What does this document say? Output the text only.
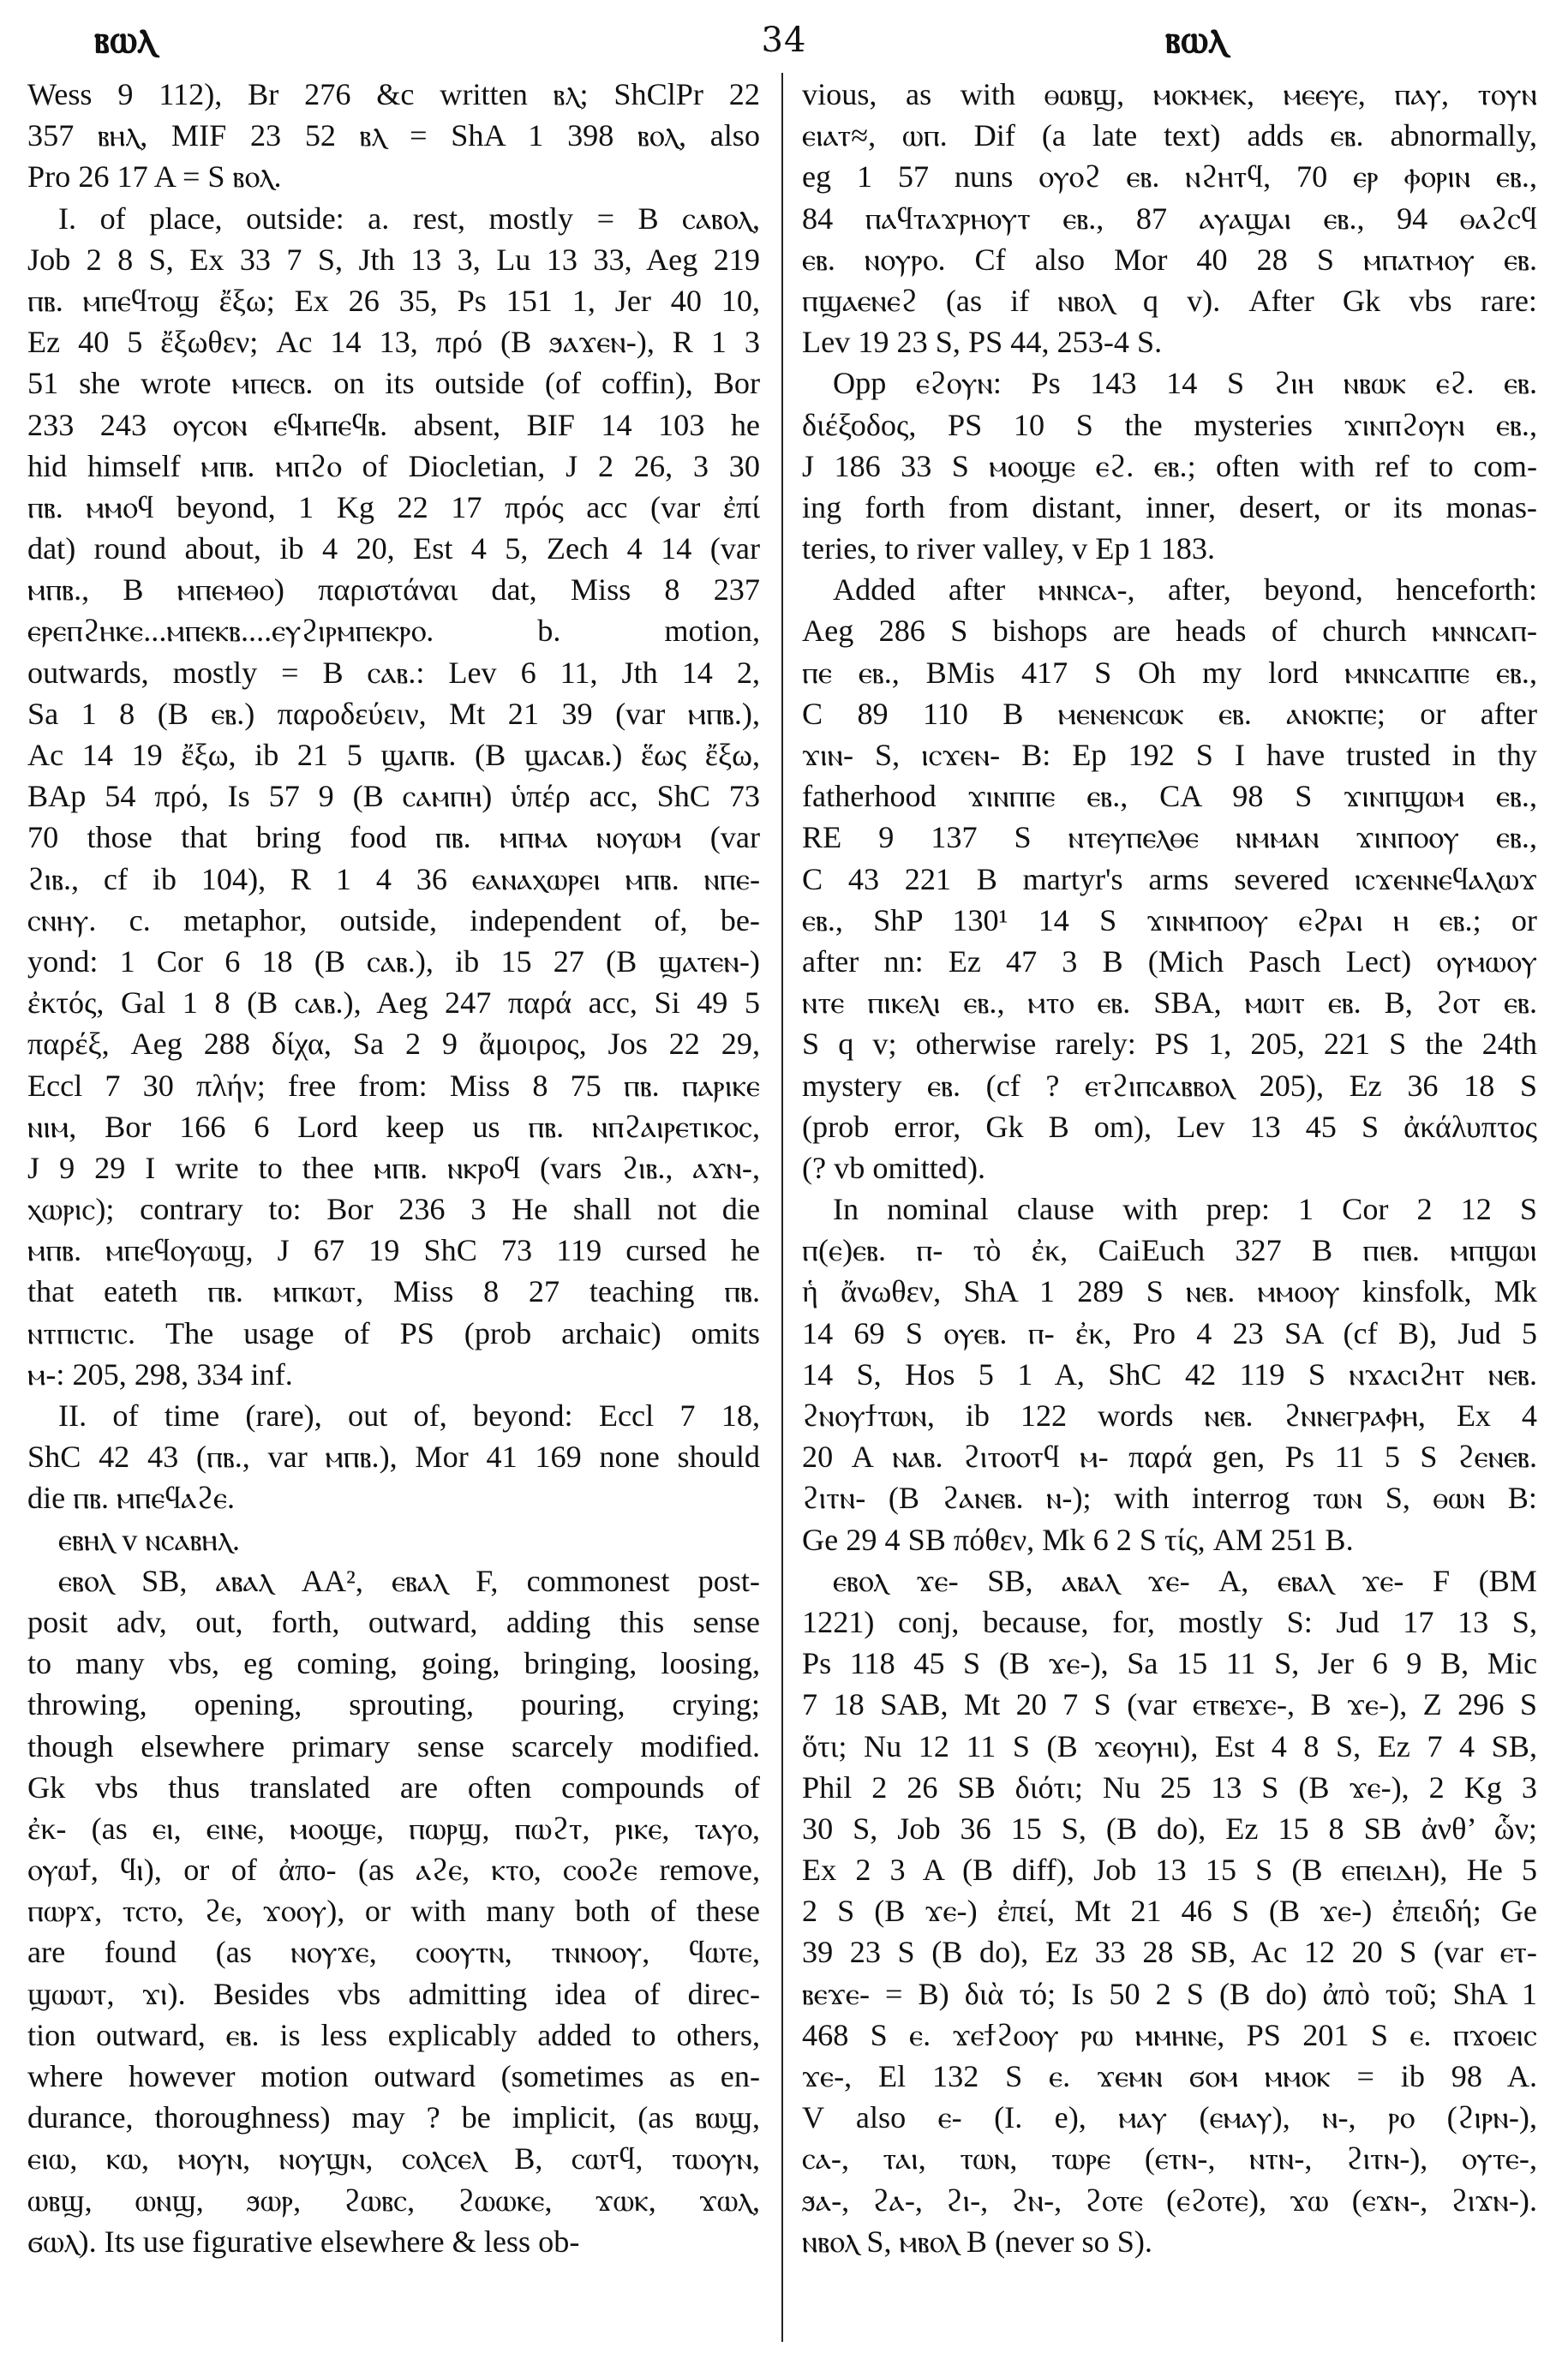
ⲃⲱⲗ	34	ⲃⲱⲗ
Wess 9 112), Br 276 &c written ⲃⲗ; ShClPr 22
357 ⲃⲏⲗ, MIF 23 52 ⲃⲗ = ShA 1 398 ⲃⲟⲗ, also
Pro 26 17 A = S ⲃⲟⲗ.
I. of place, outside: a. rest, mostly = B ⲥⲁⲃⲟⲗ,
Job 2 8 S, Ex 33 7 S, Jth 13 3, Lu 13 33, Aeg 219
ⲡⲃ. ⲙⲡⲉϥⲧⲟϣ ἔξω; Ex 26 35, Ps 151 1, Jer 40 10,
Ez 40 5 ἔξωθεν; Ac 14 13, πρό (B ϧⲁϫⲉⲛ-), R 1 3
51 she wrote ⲙⲡⲉⲥⲃ. on its outside (of coffin), Bor
233 243 ⲟⲩⲥⲟⲛ ⲉϥⲙⲡⲉϥⲃ. absent, BIF 14 103 he
hid himself ⲙⲡⲃ. ⲙⲡϩⲟ of Diocletian, J 2 26, 3 30
ⲡⲃ. ⲙⲙⲟϥ beyond, 1 Kg 22 17 πρός acc (var ἐπί
dat) round about, ib 4 20, Est 4 5, Zech 4 14 (var
ⲙⲡⲃ., B ⲙⲡⲉⲙⲑⲟ) παριστάναι dat, Miss 8 237
ⲉⲣⲉⲡϩⲏⲕⲉ...ⲙⲡⲉⲕⲃ....ⲉⲩϩⲓⲣⲙⲡⲉⲕⲣⲟ. b. motion,
outwards, mostly = B ⲥⲁⲃ.: Lev 6 11, Jth 14 2,
Sa 1 8 (B ⲉⲃ.) παροδεύειν, Mt 21 39 (var ⲙⲡⲃ.),
Ac 14 19 ἔξω, ib 21 5 ϣⲁⲡⲃ. (B ϣⲁⲥⲁⲃ.) ἕως ἔξω,
BAp 54 πρό, Is 57 9 (B ⲥⲁⲙⲡⲏ) ὑπέρ acc, ShC 73
70 those that bring food ⲡⲃ. ⲙⲡⲙⲁ ⲛⲟⲩⲱⲙ (var
ϩⲓⲃ., cf ib 104), R 1 4 36 ⲉⲁⲛⲁⲭⲱⲣⲉⲓ ⲙⲡⲃ. ⲛⲡⲉ-
ⲥⲛⲏⲩ. c. metaphor, outside, independent of, be-
yond: 1 Cor 6 18 (B ⲥⲁⲃ.), ib 15 27 (B ϣⲁⲧⲉⲛ-)
ἐκτός, Gal 1 8 (B ⲥⲁⲃ.), Aeg 247 παρά acc, Si 49 5
παρέξ, Aeg 288 δίχα, Sa 2 9 ἄμοιρος, Jos 22 29,
Eccl 7 30 πλήν; free from: Miss 8 75 ⲡⲃ. ⲡⲁⲣⲓⲕⲉ
ⲛⲓⲙ, Bor 166 6 Lord keep us ⲡⲃ. ⲛⲡϩⲁⲓⲣⲉⲧⲓⲕⲟⲥ,
J 9 29 I write to thee ⲙⲡⲃ. ⲛⲕⲣⲟϥ (vars ϩⲓⲃ., ⲁϫⲛ-,
ⲭⲱⲣⲓⲥ); contrary to: Bor 236 3 He shall not die
ⲙⲡⲃ. ⲙⲡⲉϥⲟⲩⲱϣ, J 67 19 ShC 73 119 cursed he
that eateth ⲡⲃ. ⲙⲡⲕⲱⲧ, Miss 8 27 teaching ⲡⲃ.
ⲛⲧⲡⲓⲥⲧⲓⲥ. The usage of PS (prob archaic) omits
ⲙ-: 205, 298, 334 inf.
II. of time (rare), out of, beyond: Eccl 7 18,
ShC 42 43 (ⲡⲃ., var ⲙⲡⲃ.), Mor 41 169 none should
die ⲡⲃ. ⲙⲡⲉϥⲁϩⲉ.
ⲉⲃⲏⲗ v ⲛⲥⲁⲃⲏⲗ.
ⲉⲃⲟⲗ SB, ⲁⲃⲁⲗ AA², ⲉⲃⲁⲗ F, commonest post-
posit adv, out, forth, outward, adding this sense
to many vbs, eg coming, going, bringing, loosing,
throwing, opening, sprouting, pouring, crying;
though elsewhere primary sense scarcely modified.
Gk vbs thus translated are often compounds of
ἐκ- (as ⲉⲓ, ⲉⲓⲛⲉ, ⲙⲟⲟϣⲉ, ⲡⲱⲣϣ, ⲡⲱϩⲧ, ⲣⲓⲕⲉ, ⲧⲁⲩⲟ,
ⲟⲩⲱϯ, ϥⲓ), or of ἀπο- (as ⲁϩⲉ, ⲕⲧⲟ, ⲥⲟⲟϩⲉ remove,
ⲡⲱⲣϫ, ⲧⲥⲧⲟ, ϩⲉ, ϫⲟⲟⲩ), or with many both of these
are found (as ⲛⲟⲩϫⲉ, ⲥⲟⲟⲩⲧⲛ, ⲧⲛⲛⲟⲟⲩ, ϥⲱⲧⲉ,
ϣⲱⲱⲧ, ϫⲓ). Besides vbs admitting idea of direc-
tion outward, ⲉⲃ. is less explicably added to others,
where however motion outward (sometimes as en-
durance, thoroughness) may ? be implicit, (as ⲃⲱϣ,
ⲉⲓⲱ, ⲕⲱ, ⲙⲟⲩⲛ, ⲛⲟⲩϣⲛ, ⲥⲟⲗⲥⲉⲗ B, ⲥⲱⲧϥ, ⲧⲱⲟⲩⲛ,
ⲱⲃϣ, ⲱⲛϣ, ϧⲱⲣ, ϩⲱⲃⲥ, ϩⲱⲱⲕⲉ, ϫⲱⲕ, ϫⲱⲗ,
ϭⲱⲗ). Its use figurative elsewhere & less ob-
vious, as with ⲑⲱⲃϣ, ⲙⲟⲕⲙⲉⲕ, ⲙⲉⲉⲩⲉ, ⲡⲁⲩ, ⲧⲟⲩⲛ
ⲉⲓⲁⲧ≈, ⲱⲡ. Dif (a late text) adds ⲉⲃ. abnormally,
eg 1 57 nuns ⲟⲩⲟϩ ⲉⲃ. ⲛϩⲏⲧϥ, 70 ⲉⲣ ⲫⲟⲣⲓⲛ ⲉⲃ.,
84 ⲡⲁϥⲧⲁϫⲣⲏⲟⲩⲧ ⲉⲃ., 87 ⲁⲩⲁϣⲁⲓ ⲉⲃ., 94 ⲑⲁϩⲥϥ
ⲉⲃ. ⲛⲟⲩⲣⲟ. Cf also Mor 40 28 S ⲙⲡⲁⲧⲙⲟⲩ ⲉⲃ.
ⲡϣⲁⲉⲛⲉϩ (as if ⲛⲃⲟⲗ q v). After Gk vbs rare:
Lev 19 23 S, PS 44, 253-4 S.
Opp ⲉϩⲟⲩⲛ: Ps 143 14 S ϩⲓⲏ ⲛⲃⲱⲕ ⲉϩ. ⲉⲃ.
διέξοδος, PS 10 S the mysteries ϫⲓⲛⲡϩⲟⲩⲛ ⲉⲃ.,
J 186 33 S ⲙⲟⲟϣⲉ ⲉϩ. ⲉⲃ.; often with ref to com-
ing forth from distant, inner, desert, or its monas-
teries, to river valley, v Ep 1 183.
Added after ⲙⲛⲛⲥⲁ-, after, beyond, henceforth:
Aeg 286 S bishops are heads of church ⲙⲛⲛⲥⲁⲡ-
ⲡⲉ ⲉⲃ., BMis 417 S Oh my lord ⲙⲛⲛⲥⲁⲡⲡⲉ ⲉⲃ.,
C 89 110 B ⲙⲉⲛⲉⲛⲥⲱⲕ ⲉⲃ. ⲁⲛⲟⲕⲡⲉ; or after
ϫⲓⲛ- S, ⲓⲥϫⲉⲛ- B: Ep 192 S I have trusted in thy
fatherhood ϫⲓⲛⲡⲡⲉ ⲉⲃ., CA 98 S ϫⲓⲛⲡϣⲱⲙ ⲉⲃ.,
RE 9 137 S ⲛⲧⲉⲩⲡⲉⲗⲑⲉ ⲛⲙⲙⲁⲛ ϫⲓⲛⲡⲟⲟⲩ ⲉⲃ.,
C 43 221 B martyr's arms severed ⲓⲥϫⲉⲛⲛⲉϥⲁⲗⲱϫ
ⲉⲃ., ShP 130¹ 14 S ϫⲓⲛⲙⲡⲟⲟⲩ ⲉϩⲣⲁⲓ ⲏ ⲉⲃ.; or
after nn: Ez 47 3 B (Mich Pasch Lect) ⲟⲩⲙⲱⲟⲩ
ⲛⲧⲉ ⲡⲓⲕⲉⲗⲓ ⲉⲃ., ⲙⲧⲟ ⲉⲃ. SBA, ⲙⲱⲓⲧ ⲉⲃ. B, ϩⲟⲧ ⲉⲃ.
S q v; otherwise rarely: PS 1, 205, 221 S the 24th
mystery ⲉⲃ. (cf ? ⲉⲧϩⲓⲡⲥⲁⲃⲃⲟⲗ 205), Ez 36 18 S
(prob error, Gk B om), Lev 13 45 S ἀκάλυπτος
(? vb omitted).
In nominal clause with prep: 1 Cor 2 12 S
ⲡ(ⲉ)ⲉⲃ. ⲡ- τὸ ἐκ, CaiEuch 327 B ⲡⲓⲉⲃ. ⲙⲡϣⲱⲓ
ἡ ἄνωθεν, ShA 1 289 S ⲛⲉⲃ. ⲙⲙⲟⲟⲩ kinsfolk, Mk
14 69 S ⲟⲩⲉⲃ. ⲡ- ἐκ, Pro 4 23 SA (cf B), Jud 5
14 S, Hos 5 1 A, ShC 42 119 S ⲛϫⲁⲥⲓϩⲏⲧ ⲛⲉⲃ.
ϩⲛⲟⲩϯⲧⲱⲛ, ib 122 words ⲛⲉⲃ. ϩⲛⲛⲉⲅⲣⲁⲫⲏ, Ex 4
20 A ⲛⲁⲃ. ϩⲓⲧⲟⲟⲧϥ ⲙ- παρά gen, Ps 11 5 S ϩⲉⲛⲉⲃ.
ϩⲓⲧⲛ- (B ϩⲁⲛⲉⲃ. ⲛ-); with interrog ⲧⲱⲛ S, ⲑⲱⲛ B:
Ge 29 4 SB πόθεν, Mk 6 2 S τίς, AM 251 B.
ⲉⲃⲟⲗ ϫⲉ- SB, ⲁⲃⲁⲗ ϫⲉ- A, ⲉⲃⲁⲗ ϫⲉ- F (BM
1221) conj, because, for, mostly S: Jud 17 13 S,
Ps 118 45 S (B ϫⲉ-), Sa 15 11 S, Jer 6 9 B, Mic
7 18 SAB, Mt 20 7 S (var ⲉⲧⲃⲉϫⲉ-, B ϫⲉ-), Z 296 S
ὅτι; Nu 12 11 S (B ϫⲉⲟⲩⲏⲓ), Est 4 8 S, Ez 7 4 SB,
Phil 2 26 SB διότι; Nu 25 13 S (B ϫⲉ-), 2 Kg 3
30 S, Job 36 15 S, (B do), Ez 15 8 SB ἀνθ’ ὧν;
Ex 2 3 A (B diff), Job 13 15 S (B ⲉⲡⲉⲓⲇⲏ), He 5
2 S (B ϫⲉ-) ἐπεί, Mt 21 46 S (B ϫⲉ-) ἐπειδή; Ge
39 23 S (B do), Ez 33 28 SB, Ac 12 20 S (var ⲉⲧ-
ⲃⲉϫⲉ- = B) διὰ τό; Is 50 2 S (B do) ἀπὸ τοῦ; ShA 1
468 S ⲉ. ϫⲉϯϩⲟⲟⲩ ⲣⲱ ⲙⲙⲏⲛⲉ, PS 201 S ⲉ. ⲡϫⲟⲉⲓⲥ
ϫⲉ-, El 132 S ⲉ. ϫⲉⲙⲛ ϭⲟⲙ ⲙⲙⲟⲕ = ib 98 A.
V also ⲉ- (I. e), ⲙⲁⲩ (ⲉⲙⲁⲩ), ⲛ-, ⲣⲟ (ϩⲓⲣⲛ-),
ⲥⲁ-, ⲧⲁⲓ, ⲧⲱⲛ, ⲧⲱⲣⲉ (ⲉⲧⲛ-, ⲛⲧⲛ-, ϩⲓⲧⲛ-), ⲟⲩⲧⲉ-,
ϧⲁ-, ϩⲁ-, ϩⲓ-, ϩⲛ-, ϩⲟⲧⲉ (ⲉϩⲟⲧⲉ), ϫⲱ (ⲉϫⲛ-, ϩⲓϫⲛ-).
ⲛⲃⲟⲗ S, ⲙⲃⲟⲗ B (never so S).
